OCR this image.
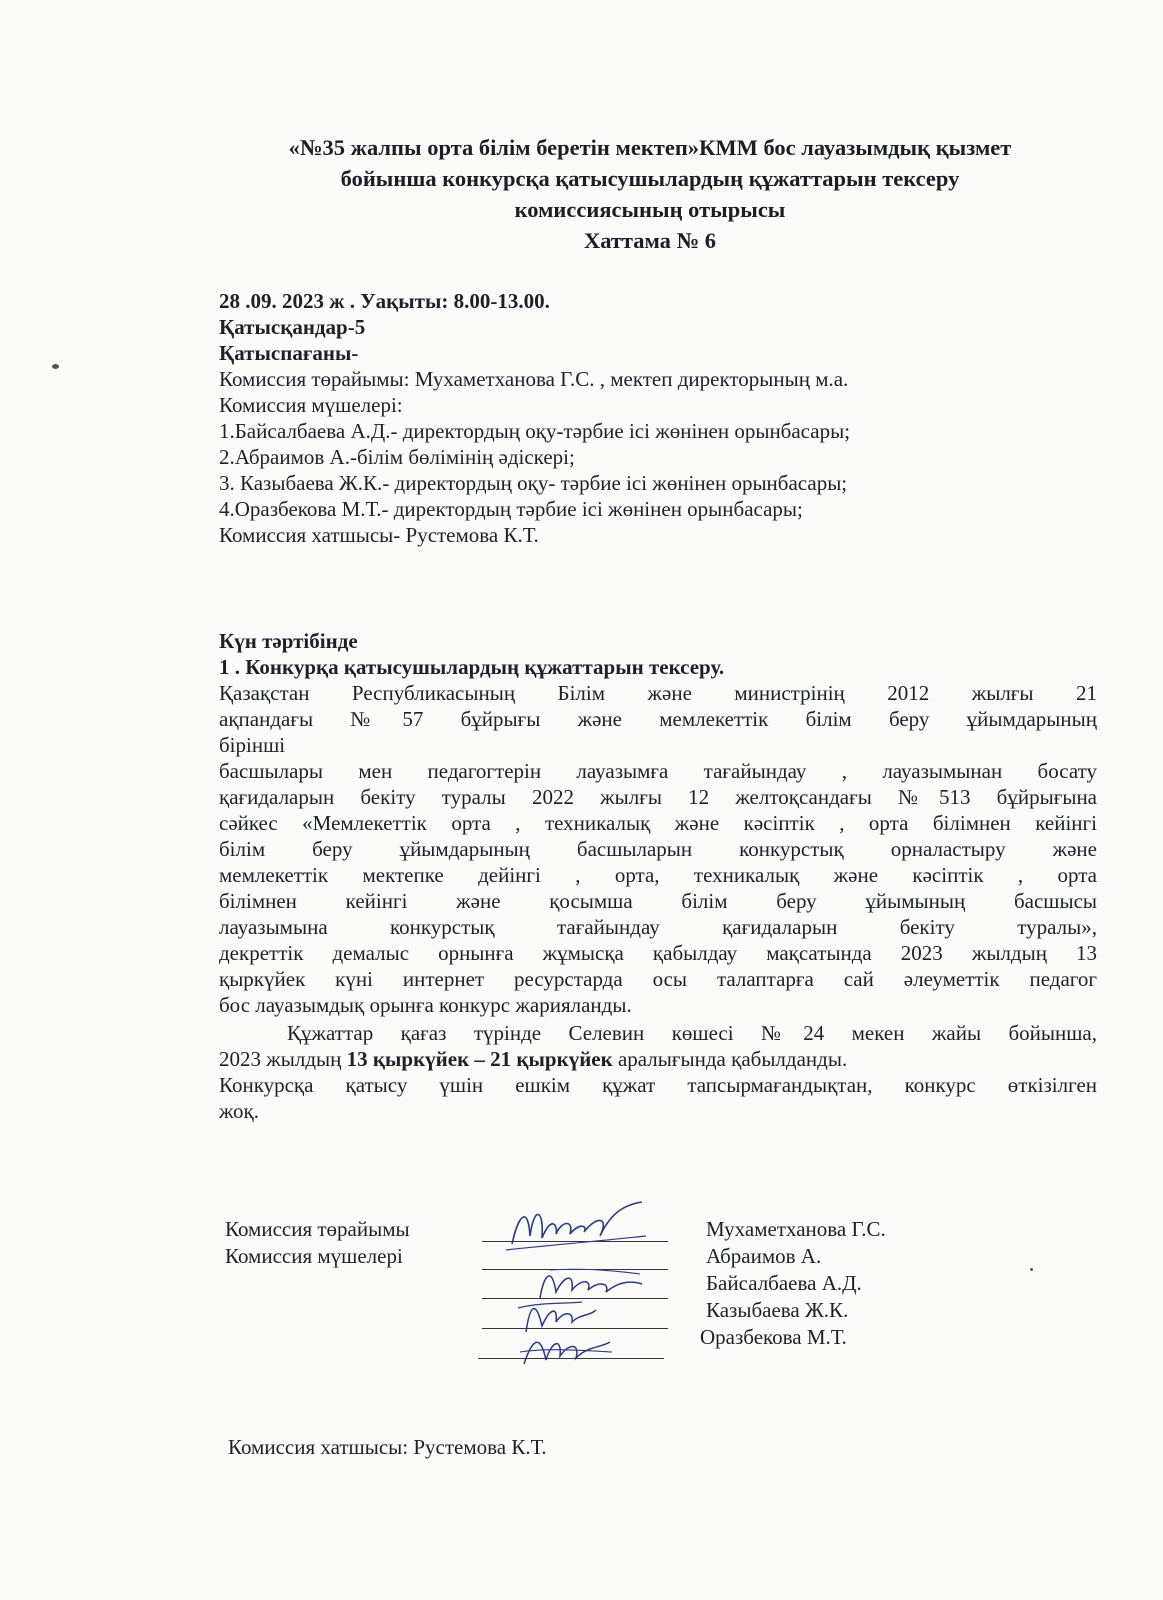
«№35 жалпы орта білім беретін мектеп»КММ бос лауазымдық қызмет
бойынша конкурсқа қатысушылардың құжаттарын тексеру
комиссиясының отырысы
Хаттама № 6
28 .09. 2023 ж . Уақыты: 8.00-13.00.
Қатысқандар-5
Қатыспағаны-
Комиссия төрайымы: Мухаметханова Г.С. , мектеп директорының м.а.
Комиссия мүшелері:
1.Байсалбаева А.Д.- директордың оқу-тәрбие ісі жөнінен орынбасары;
2.Абраимов А.-білім бөлімінің әдіскері;
3. Казыбаева Ж.К.- директордың оқу- тәрбие ісі жөнінен орынбасары;
4.Оразбекова М.Т.- директордың тәрбие ісі жөнінен орынбасары;
Комиссия хатшысы- Рустемова К.Т.
Күн тәртібінде
1 . Конкурқа қатысушылардың құжаттарын тексеру.
Қазақстан Республикасының Білім және министрінің 2012 жылғы 21
ақпандағы №57 бұйрығы және мемлекеттік білім беру ұйымдарының
бірінші
басшылары мен педагогтерін лауазымға тағайындау , лауазымынан босату
қағидаларын бекіту туралы 2022 жылғы 12 желтоқсандағы №513 бұйрығына
сәйкес «Мемлекеттік орта , техникалық және кәсіптік , орта білімнен кейінгі
білім беру ұйымдарының басшыларын конкурстық орналастыру және
мемлекеттік мектепке дейінгі , орта, техникалық және кәсіптік , орта
білімнен кейінгі және қосымша білім беру ұйымының басшысы
лауазымына конкурстық тағайындау қағидаларын бекіту туралы»,
декреттік демалыс орнынға жұмысқа қабылдау мақсатында 2023 жылдың 13
қыркүйек күні интернет ресурстарда осы талаптарға сай әлеуметтік педагог
бос лауазымдық орынға конкурс жарияланды.
Құжаттар қағаз түрінде Селевин көшесі №24 мекен жайы бойынша,
2023 жылдың 13 қыркүйек – 21 қыркүйек аралығында қабылданды.
Конкурсқа қатысу үшін ешкім құжат тапсырмағандықтан, конкурс өткізілген
жоқ.
Комиссия төрайымы
Комиссия мүшелері
Мухаметханова Г.С.
Абраимов А.
Байсалбаева А.Д.
Казыбаева Ж.К.
Оразбекова М.Т.
Комиссия хатшысы: Рустемова К.Т.
